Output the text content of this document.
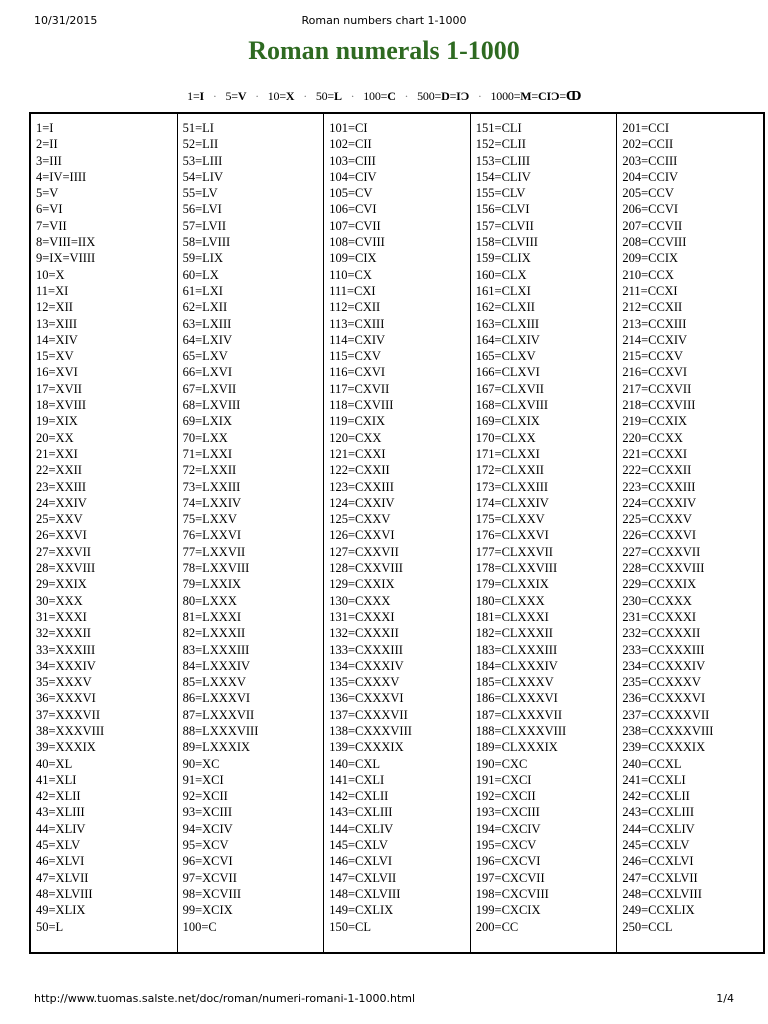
10/31/2015	Roman numbers chart 1-1000
Roman numerals 1-1000
1=I · 5=V · 10=X · 50=L · 100=C · 500=D=IƆ · 1000=M=CIƆ=ↀ
1=I
2=II
3=III
4=IV=IIII
5=V
6=VI
7=VII
8=VIII=IIX
9=IX=VIIII
10=X
11=XI
12=XII
13=XIII
14=XIV
15=XV
16=XVI
17=XVII
18=XVIII
19=XIX
20=XX
21=XXI
22=XXII
23=XXIII
24=XXIV
25=XXV
26=XXVI
27=XXVII
28=XXVIII
29=XXIX
30=XXX
31=XXXI
32=XXXII
33=XXXIII
34=XXXIV
35=XXXV
36=XXXVI
37=XXXVII
38=XXXVIII
39=XXXIX
40=XL
41=XLI
42=XLII
43=XLIII
44=XLIV
45=XLV
46=XLVI
47=XLVII
48=XLVIII
49=XLIX
50=L
51=LI
52=LII
53=LIII
54=LIV
55=LV
56=LVI
57=LVII
58=LVIII
59=LIX
60=LX
61=LXI
62=LXII
63=LXIII
64=LXIV
65=LXV
66=LXVI
67=LXVII
68=LXVIII
69=LXIX
70=LXX
71=LXXI
72=LXXII
73=LXXIII
74=LXXIV
75=LXXV
76=LXXVI
77=LXXVII
78=LXXVIII
79=LXXIX
80=LXXX
81=LXXXI
82=LXXXII
83=LXXXIII
84=LXXXIV
85=LXXXV
86=LXXXVI
87=LXXXVII
88=LXXXVIII
89=LXXXIX
90=XC
91=XCI
92=XCII
93=XCIII
94=XCIV
95=XCV
96=XCVI
97=XCVII
98=XCVIII
99=XCIX
100=C
101=CI
102=CII
103=CIII
104=CIV
105=CV
106=CVI
107=CVII
108=CVIII
109=CIX
110=CX
111=CXI
112=CXII
113=CXIII
114=CXIV
115=CXV
116=CXVI
117=CXVII
118=CXVIII
119=CXIX
120=CXX
121=CXXI
122=CXXII
123=CXXIII
124=CXXIV
125=CXXV
126=CXXVI
127=CXXVII
128=CXXVIII
129=CXXIX
130=CXXX
131=CXXXI
132=CXXXII
133=CXXXIII
134=CXXXIV
135=CXXXV
136=CXXXVI
137=CXXXVII
138=CXXXVIII
139=CXXXIX
140=CXL
141=CXLI
142=CXLII
143=CXLIII
144=CXLIV
145=CXLV
146=CXLVI
147=CXLVII
148=CXLVIII
149=CXLIX
150=CL
151=CLI
152=CLII
153=CLIII
154=CLIV
155=CLV
156=CLVI
157=CLVII
158=CLVIII
159=CLIX
160=CLX
161=CLXI
162=CLXII
163=CLXIII
164=CLXIV
165=CLXV
166=CLXVI
167=CLXVII
168=CLXVIII
169=CLXIX
170=CLXX
171=CLXXI
172=CLXXII
173=CLXXIII
174=CLXXIV
175=CLXXV
176=CLXXVI
177=CLXXVII
178=CLXXVIII
179=CLXXIX
180=CLXXX
181=CLXXXI
182=CLXXXII
183=CLXXXIII
184=CLXXXIV
185=CLXXXV
186=CLXXXVI
187=CLXXXVII
188=CLXXXVIII
189=CLXXXIX
190=CXC
191=CXCI
192=CXCII
193=CXCIII
194=CXCIV
195=CXCV
196=CXCVI
197=CXCVII
198=CXCVIII
199=CXCIX
200=CC
201=CCI
202=CCII
203=CCIII
204=CCIV
205=CCV
206=CCVI
207=CCVII
208=CCVIII
209=CCIX
210=CCX
211=CCXI
212=CCXII
213=CCXIII
214=CCXIV
215=CCXV
216=CCXVI
217=CCXVII
218=CCXVIII
219=CCXIX
220=CCXX
221=CCXXI
222=CCXXII
223=CCXXIII
224=CCXXIV
225=CCXXV
226=CCXXVI
227=CCXXVII
228=CCXXVIII
229=CCXXIX
230=CCXXX
231=CCXXXI
232=CCXXXII
233=CCXXXIII
234=CCXXXIV
235=CCXXXV
236=CCXXXVI
237=CCXXXVII
238=CCXXXVIII
239=CCXXXIX
240=CCXL
241=CCXLI
242=CCXLII
243=CCXLIII
244=CCXLIV
245=CCXLV
246=CCXLVI
247=CCXLVII
248=CCXLVIII
249=CCXLIX
250=CCL
http://www.tuomas.salste.net/doc/roman/numeri-romani-1-1000.html	1/4
